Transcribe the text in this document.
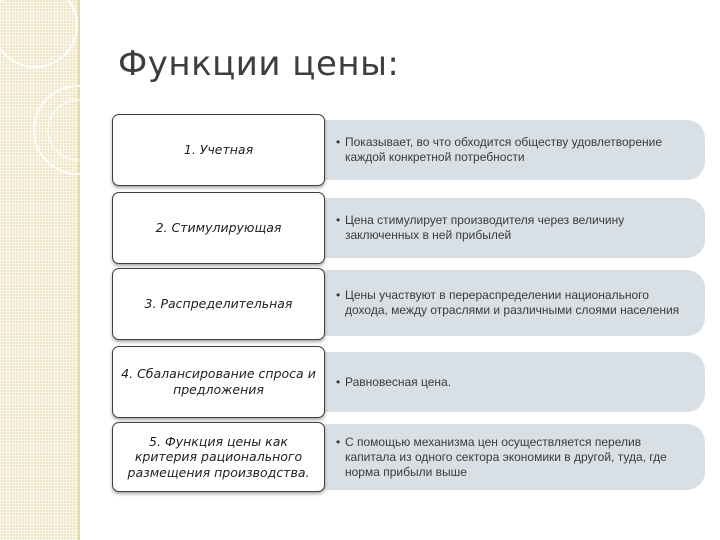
Функции цены:
1. Учетная
• Показывает, во что обходится обществу удовлетворение каждой конкретной потребности
2. Стимулирующая
• Цена стимулирует производителя через величину заключенных в ней прибылей
3. Распределительная
• Цены участвуют в перераспределении национального дохода, между отраслями и различными слоями населения
4. Сбалансирование спроса и предложения
• Равновесная цена.
5. Функция цены как критерия рационального размещения производства.
• С помощью механизма цен осуществляется перелив капитала из одного сектора экономики в другой, туда, где норма прибыли выше
